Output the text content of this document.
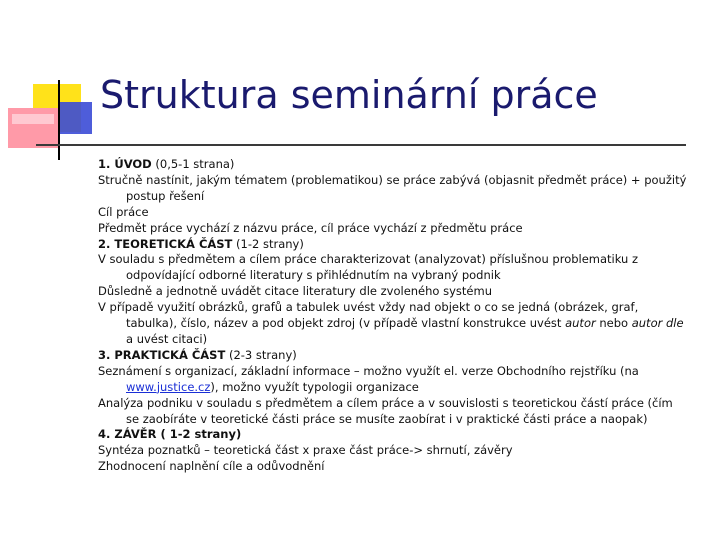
Struktura seminární práce

1. ÚVOD (0,5-1 strana)

Stručně nastínit, jakým tématem (problematikou) se práce zabývá (objasnit předmět práce) + použitý postup řešení

Cíl práce

Předmět práce vychází z názvu práce, cíl práce vychází z předmětu práce

2. TEORETICKÁ ČÁST (1-2 strany)

V souladu s předmětem a cílem práce charakterizovat (analyzovat) příslušnou problematiku z odpovídající odborné literatury s přihlédnutím na vybraný podnik

Důsledně a jednotně uvádět citace literatury dle zvoleného systému

V případě využití obrázků, grafů a tabulek uvést vždy nad objekt o co se jedná (obrázek, graf, tabulka), číslo, název a pod objekt zdroj (v případě vlastní konstrukce uvést autor nebo autor dle a uvést citaci)

3. PRAKTICKÁ ČÁST (2-3 strany)

Seznámení s organizací, základní informace – možno využít el. verze Obchodního rejstříku (na www.justice.cz), možno využít typologii organizace

Analýza podniku v souladu s předmětem a cílem práce a v souvislosti s teoretickou částí práce (čím se zaobíráte v teoretické části práce se musíte zaobírat i v praktické části práce a naopak)

4. ZÁVĚR ( 1-2 strany)

Syntéza poznatků – teoretická část x praxe část práce-> shrnutí, závěry

Zhodnocení naplnění cíle a odůvodnění
